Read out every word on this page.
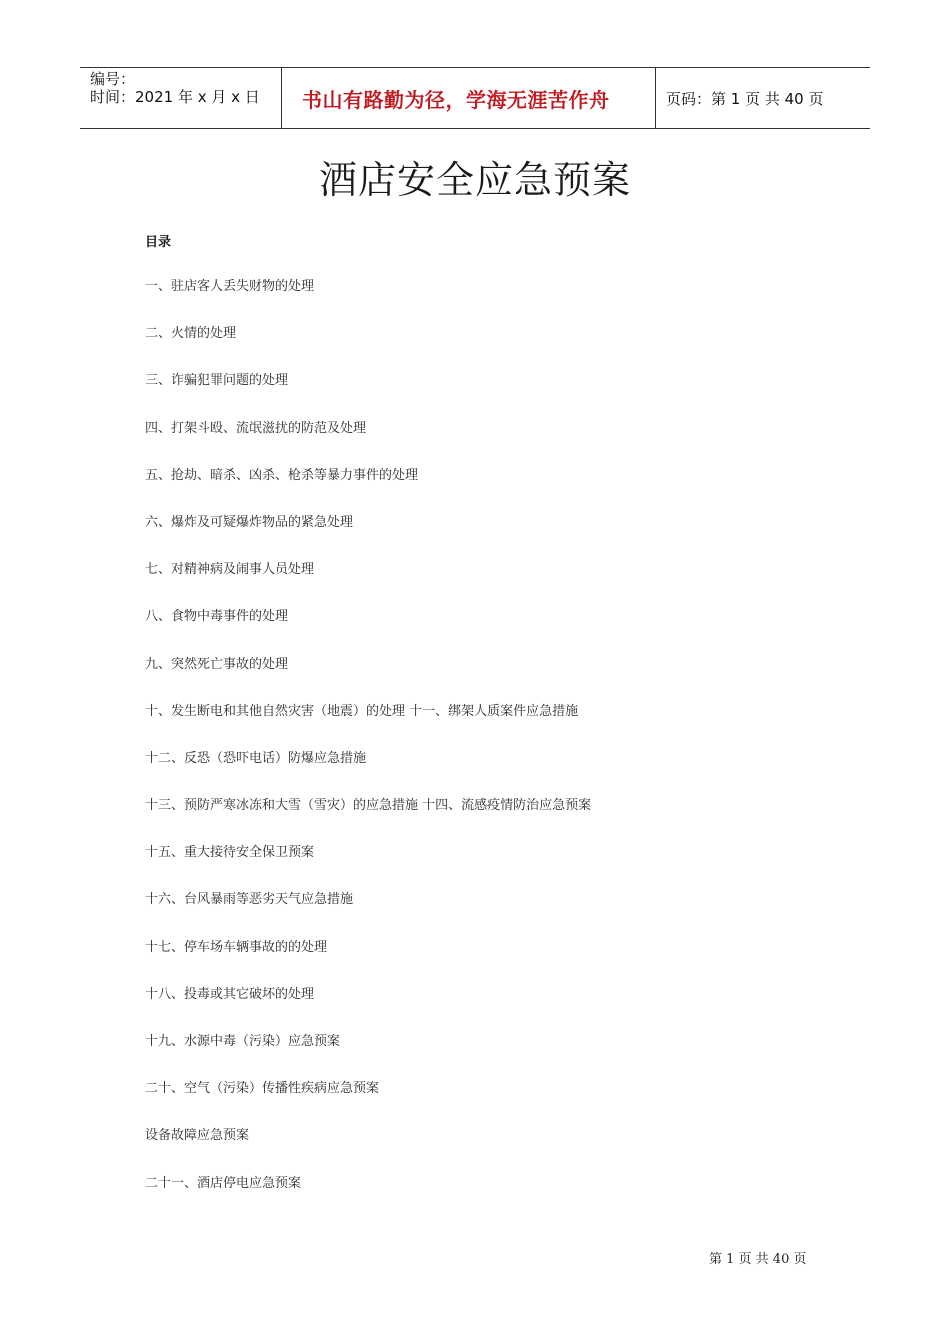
编号：
时间：2021 年 x 月 x 日	书山有路勤为径，学海无涯苦作舟	页码：第 1 页 共 40 页
酒店安全应急预案
目录
一、驻店客人丢失财物的处理
二、火情的处理
三、诈骗犯罪问题的处理
四、打架斗殴、流氓滋扰的防范及处理
五、抢劫、暗杀、凶杀、枪杀等暴力事件的处理
六、爆炸及可疑爆炸物品的紧急处理
七、对精神病及闹事人员处理
八、食物中毒事件的处理
九、突然死亡事故的处理
十、发生断电和其他自然灾害（地震）的处理 十一、绑架人质案件应急措施
十二、反恐（恐吓电话）防爆应急措施
十三、预防严寒冰冻和大雪（雪灾）的应急措施 十四、流感疫情防治应急预案
十五、重大接待安全保卫预案
十六、台风暴雨等恶劣天气应急措施
十七、停车场车辆事故的的处理
十八、投毒或其它破坏的处理
十九、水源中毒（污染）应急预案
二十、空气（污染）传播性疾病应急预案
设备故障应急预案
二十一、酒店停电应急预案
第 1 页 共 40 页
